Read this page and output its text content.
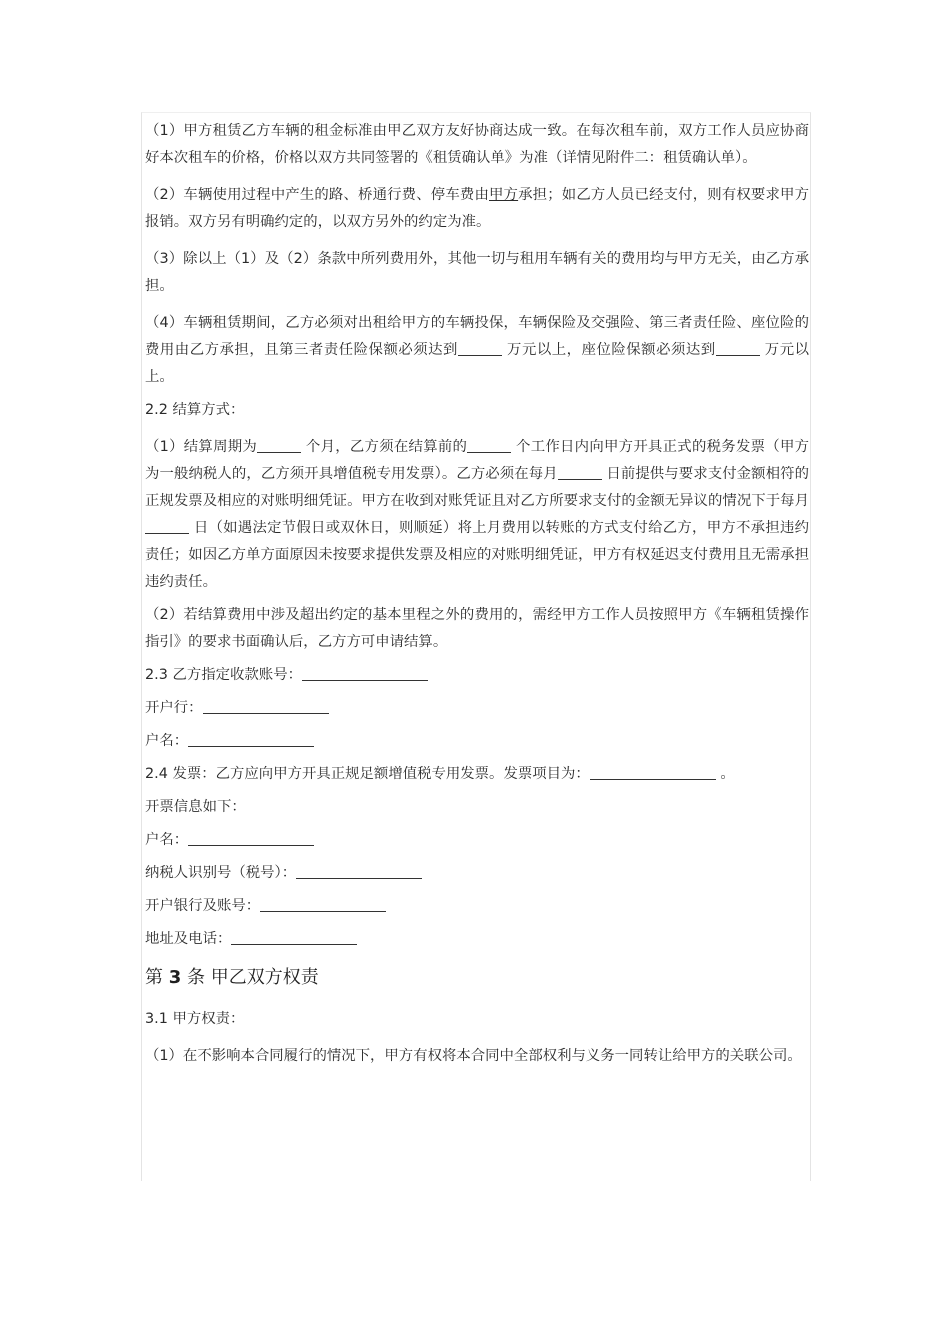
（1）甲方租赁乙方车辆的租金标准由甲乙双方友好协商达成一致。在每次租车前，双方工作人员应协商好本次租车的价格，价格以双方共同签署的《租赁确认单》为准（详情见附件二：租赁确认单）。

（2）车辆使用过程中产生的路、桥通行费、停车费由甲方承担；如乙方人员已经支付，则有权要求甲方报销。双方另有明确约定的，以双方另外的约定为准。

（3）除以上（1）及（2）条款中所列费用外，其他一切与租用车辆有关的费用均与甲方无关，由乙方承担。

（4）车辆租赁期间，乙方必须对出租给甲方的车辆投保，车辆保险及交强险、第三者责任险、座位险的费用由乙方承担，且第三者责任险保额必须达到	万元以上，座位险保额必须达到	万元以上。

2.2 结算方式：

（1）结算周期为	个月，乙方须在结算前的	个工作日内向甲方开具正式的税务发票（甲方为一般纳税人的，乙方须开具增值税专用发票）。乙方必须在每月	日前提供与要求支付金额相符的正规发票及相应的对账明细凭证。甲方在收到对账凭证且对乙方所要求支付的金额无异议的情况下于每月 日（如遇法定节假日或双休日，则顺延）将上月费用以转账的方式支付给乙方，甲方不承担违约责任；如因乙方单方面原因未按要求提供发票及相应的对账明细凭证，甲方有权延迟支付费用且无需承担违约责任。

（2）若结算费用中涉及超出约定的基本里程之外的费用的，需经甲方工作人员按照甲方《车辆租赁操作指引》的要求书面确认后，乙方方可申请结算。

2.3 乙方指定收款账号：

开户行：

户名：

2.4 发票：乙方应向甲方开具正规足额增值税专用发票。发票项目为：	。

开票信息如下：

户名：

纳税人识别号（税号）：

开户银行及账号：

地址及电话：

第 3 条 甲乙双方权责

3.1 甲方权责：

（1）在不影响本合同履行的情况下，甲方有权将本合同中全部权利与义务一同转让给甲方的关联公司。
